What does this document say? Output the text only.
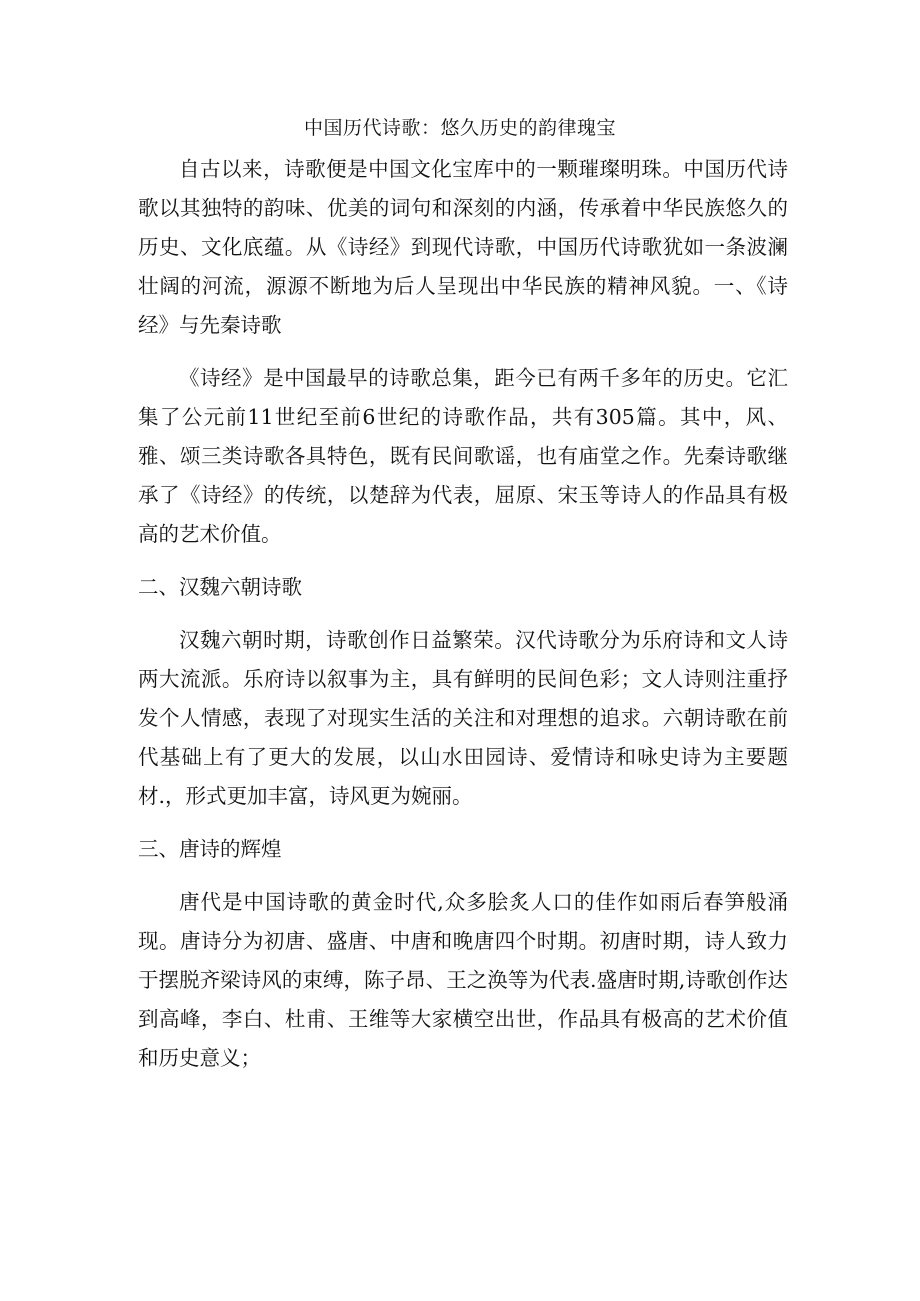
中国历代诗歌：悠久历史的韵律瑰宝

自古以来，诗歌便是中国文化宝库中的一颗璀璨明珠。中国历代诗歌以其独特的韵味、优美的词句和深刻的内涵，传承着中华民族悠久的历史、文化底蕴。从《诗经》到现代诗歌，中国历代诗歌犹如一条波澜壮阔的河流，源源不断地为后人呈现出中华民族的精神风貌。一、《诗经》与先秦诗歌

《诗经》是中国最早的诗歌总集，距今已有两千多年的历史。它汇集了公元前11世纪至前6世纪的诗歌作品，共有305篇。其中，风、雅、颂三类诗歌各具特色，既有民间歌谣，也有庙堂之作。先秦诗歌继承了《诗经》的传统，以楚辞为代表，屈原、宋玉等诗人的作品具有极高的艺术价值。

二、汉魏六朝诗歌

汉魏六朝时期，诗歌创作日益繁荣。汉代诗歌分为乐府诗和文人诗两大流派。乐府诗以叙事为主，具有鲜明的民间色彩；文人诗则注重抒发个人情感，表现了对现实生活的关注和对理想的追求。六朝诗歌在前代基础上有了更大的发展，以山水田园诗、爱情诗和咏史诗为主要题材.，形式更加丰富，诗风更为婉丽。

三、唐诗的辉煌

唐代是中国诗歌的黄金时代,众多脍炙人口的佳作如雨后春笋般涌现。唐诗分为初唐、盛唐、中唐和晚唐四个时期。初唐时期，诗人致力于摆脱齐梁诗风的束缚，陈子昂、王之涣等为代表.盛唐时期,诗歌创作达到高峰，李白、杜甫、王维等大家横空出世，作品具有极高的艺术价值和历史意义；
